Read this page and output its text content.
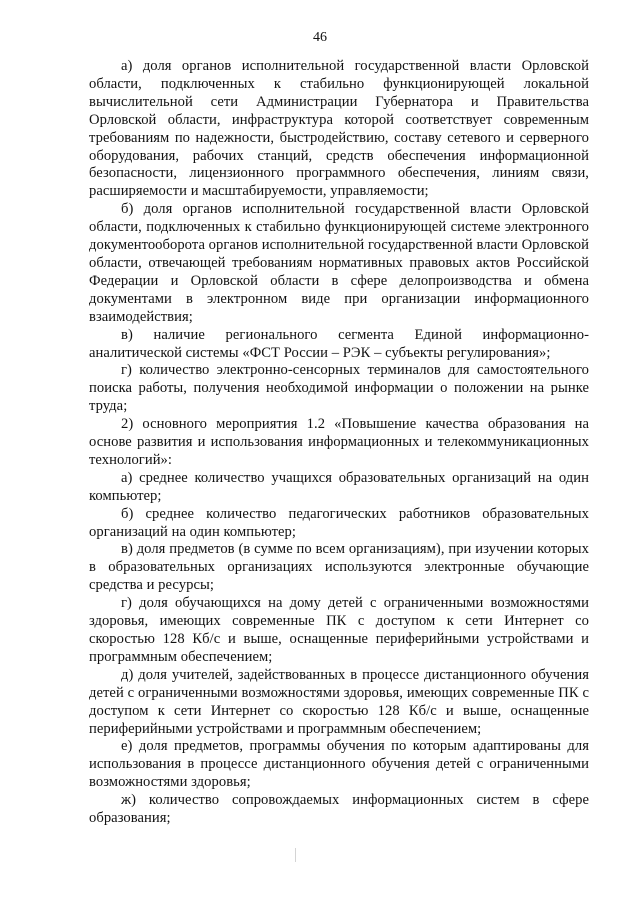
46

а) доля органов исполнительной государственной власти Орловской области, подключенных к стабильно функционирующей локальной вычислительной сети Администрации Губернатора и Правительства Орловской области, инфраструктура которой соответствует современным требованиям по надежности, быстродействию, составу сетевого и серверного оборудования, рабочих станций, средств обеспечения информационной безопасности, лицензионного программного обеспечения, линиям связи, расширяемости и масштабируемости, управляемости;

б) доля органов исполнительной государственной власти Орловской области, подключенных к стабильно функционирующей системе электронного документооборота органов исполнительной государственной власти Орловской области, отвечающей требованиям нормативных правовых актов Российской Федерации и Орловской области в сфере делопроизводства и обмена документами в электронном виде при организации информационного взаимодействия;

в) наличие регионального сегмента Единой информационно-аналитической системы «ФСТ России – РЭК – субъекты регулирования»;

г) количество электронно-сенсорных терминалов для самостоятельного поиска работы, получения необходимой информации о положении на рынке труда;

2) основного мероприятия 1.2 «Повышение качества образования на основе развития и использования информационных и телекоммуникационных технологий»:

а) среднее количество учащихся образовательных организаций на один компьютер;

б) среднее количество педагогических работников образовательных организаций на один компьютер;

в) доля предметов (в сумме по всем организациям), при изучении которых в образовательных организациях используются электронные обучающие средства и ресурсы;

г) доля обучающихся на дому детей с ограниченными возможностями здоровья, имеющих современные ПК с доступом к сети Интернет со скоростью 128 Кб/с и выше, оснащенные периферийными устройствами и программным обеспечением;

д) доля учителей, задействованных в процессе дистанционного обучения детей с ограниченными возможностями здоровья, имеющих современные ПК с доступом к сети Интернет со скоростью 128 Кб/с и выше, оснащенные периферийными устройствами и программным обеспечением;

е) доля предметов, программы обучения по которым адаптированы для использования в процессе дистанционного обучения детей с ограниченными возможностями здоровья;

ж) количество сопровождаемых информационных систем в сфере образования;
